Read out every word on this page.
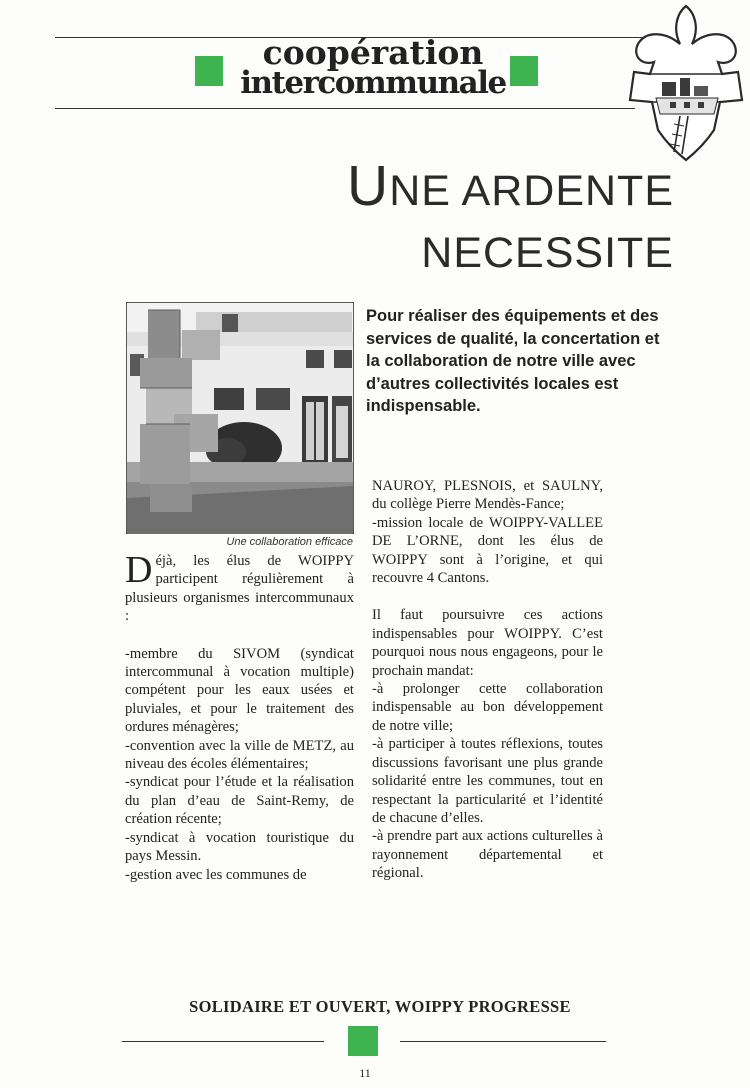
coopération
intercommunale
UNE ARDENTE
NECESSITE
Une collaboration efficace
Pour réaliser des équipements et des services de qualité, la concertation et la collaboration de notre ville avec d’autres collectivités locales est indispensable.

Déjà, les élus de WOIPPY participent régulièrement à plusieurs organismes intercommunaux :

-membre du SIVOM (syndicat intercommunal à vocation multiple) compétent pour les eaux usées et pluviales, et pour le traitement des ordures ménagères;

-convention avec la ville de METZ, au niveau des écoles élémentaires;

-syndicat pour l’étude et la réalisation du plan d’eau de Saint-Remy, de création récente;

-syndicat à vocation touristique du pays Messin.

-gestion avec les communes de

NAUROY, PLESNOIS, et SAULNY, du collège Pierre Mendès-Fance;

-mission locale de WOIPPY-VALLEE DE L’ORNE, dont les élus de WOIPPY sont à l’origine, et qui recouvre 4 Cantons.

Il faut poursuivre ces actions indispensables pour WOIPPY. C’est pourquoi nous nous engageons, pour le prochain mandat:

-à prolonger cette collaboration indispensable au bon développement de notre ville;

-à participer à toutes réflexions, toutes discussions favorisant une plus grande solidarité entre les communes, tout en respectant la particularité et l’identité de chacune d’elles.

-à prendre part aux actions culturelles à rayonnement départemental et régional.

SOLIDAIRE ET OUVERT, WOIPPY PROGRESSE
11
